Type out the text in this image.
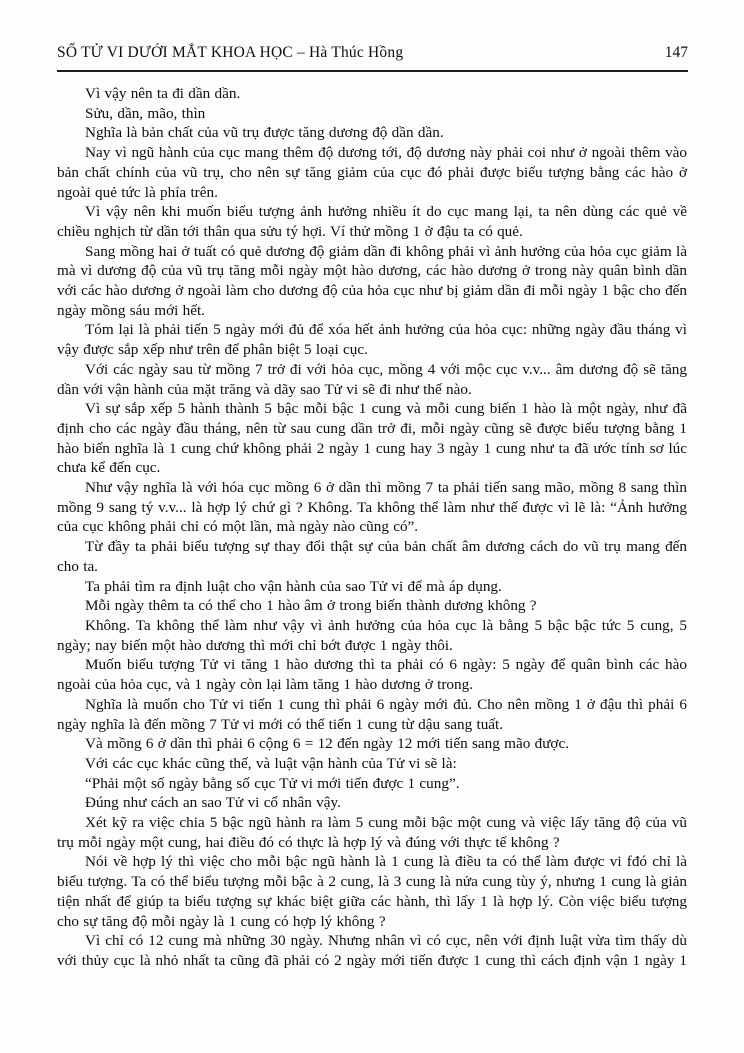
SỐ TỬ VI DƯỚI MẮT KHOA HỌC – Hà Thúc Hồng	147

Vì vậy nên ta đi dần dần.

Sửu, dần, mão, thìn

Nghĩa là bản chất của vũ trụ được tăng dương độ dần dần.

Nay vì ngũ hành của cục mang thêm độ dương tới, độ dương này phải coi như ở ngoài thêm vào bản chất chính của vũ trụ, cho nên sự tăng giảm của cục đó phải được biểu tượng bằng các hào ở ngoài quẻ tức là phía trên.

Vì vậy nên khi muốn biểu tượng ảnh hưởng nhiều ít do cục mang lại, ta nên dùng các quẻ về chiều nghịch từ dần tới thân qua sửu tý hợi. Ví thử mồng 1 ở đậu ta có quẻ.

Sang mồng hai ở tuất có quẻ dương độ giảm dần đi không phải vì ảnh hưởng của hỏa cục giảm là mà vì dương độ của vũ trụ tăng mỗi ngày một hào dương, các hào dương ở trong này quân bình dần với các hào dương ở ngoài làm cho dương độ của hỏa cục như bị giảm dần đi mỗi ngày 1 bậc cho đến ngày mồng sáu mới hết.

Tóm lại là phải tiến 5 ngày mới đủ để xóa hết ảnh hưởng của hỏa cục: những ngày đầu tháng vì vậy được sắp xếp như trên để phân biệt 5 loại cục.

Với các ngày sau từ mồng 7 trở đi với hỏa cục, mồng 4 với mộc cục v.v... âm dương độ sẽ tăng dần với vận hành của mặt trăng và dãy sao Tử vi sẽ đi như thế nào.

Vì sự sắp xếp 5 hành thành 5 bậc mỗi bậc 1 cung và mỗi cung biến 1 hào là một ngày, như đã định cho các ngày đầu tháng, nên từ sau cung dần trở đi, mỗi ngày cũng sẽ được biểu tượng bằng 1 hào biến nghĩa là 1 cung chứ không phải 2 ngày 1 cung hay 3 ngày 1 cung như ta đã ước tính sơ lúc chưa kể đến cục.

Như vậy nghĩa là với hóa cục mồng 6 ở dần thì mồng 7 ta phải tiến sang mão, mồng 8 sang thìn mồng 9 sang tý v.v... là hợp lý chứ gì ? Không. Ta không thể làm như thế được vì lẽ là: “Ảnh hưởng của cục không phải chỉ có một lần, mà ngày nào cũng có”.

Từ đầy ta phải biểu tượng sự thay đổi thật sự của bản chất âm dương cách do vũ trụ mang đến cho ta.

Ta phải tìm ra định luật cho vận hành của sao Tử vi để mà áp dụng.

Mỗi ngày thêm ta có thể cho 1 hào âm ở trong biến thành dương không ?

Không. Ta không thể làm như vậy vì ảnh hưởng của hỏa cục là bằng 5 bậc bậc tức 5 cung, 5 ngày; nay biến một hào dương thì mới chỉ bớt được 1 ngày thôi.

Muốn biểu tượng Tử vi tăng 1 hào dương thì ta phải có 6 ngày: 5 ngày để quân bình các hào ngoài của hỏa cục, và 1 ngày còn lại làm tăng 1 hào dương ở trong.

Nghĩa là muốn cho Tử vi tiến 1 cung thì phải 6 ngày mới đủ. Cho nên mồng 1 ở đậu thì phải 6 ngày nghĩa là đến mồng 7 Tử vi mới có thể tiến 1 cung từ dậu sang tuất.

Và mồng 6 ở dần thì phải 6 cộng 6 = 12 đến ngày 12 mới tiến sang mão được.

Với các cục khác cũng thế, và luật vận hành của Tử vi sẽ là:

“Phải một số ngày bằng số cục Tử vi mới tiến được 1 cung”.

Đúng như cách an sao Tử vi cổ nhân vậy.

Xét kỹ ra việc chia 5 bậc ngũ hành ra làm 5 cung mỗi bậc một cung và việc lấy tăng độ của vũ trụ mỗi ngày một cung, hai điều đó có thực là hợp lý và đúng với thực tế không ?

Nói về hợp lý thì việc cho mỗi bậc ngũ hành là 1 cung là điều ta có thể làm được vi fđó chỉ là biểu tượng. Ta có thể biểu tượng mỗi bậc à 2 cung, là 3 cung là nửa cung tùy ý, nhưng 1 cung là giản tiện nhất để giúp ta biểu tượng sự khác biệt giữa các hành, thì lấy 1 là hợp lý. Còn việc biểu tượng cho sự tăng độ mỗi ngày là 1 cung có hợp lý không ?

Vì chỉ có 12 cung mà những 30 ngày. Nhưng nhân vì có cục, nên với định luật vừa tìm thấy dù với thủy cục là nhỏ nhất ta cũng đã phải có 2 ngày mới tiến được 1 cung thì cách định vận 1 ngày 1
